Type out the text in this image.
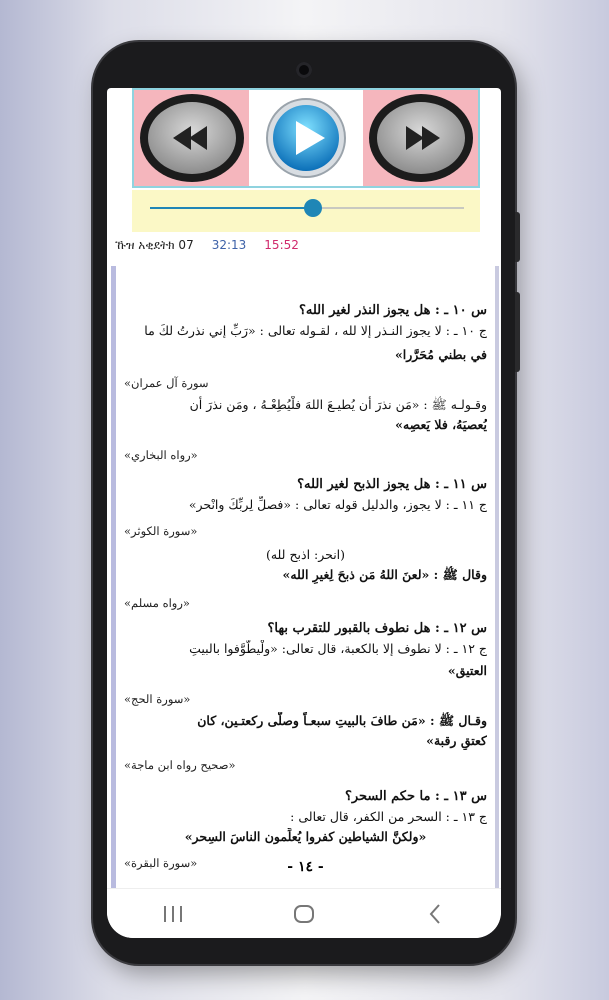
ኹዝ አቂደትክ 07 32:13 15:52
س ١٠ ـ : هل يجوز النذر لغير الله؟
ج ١٠ ـ : لا يجوز النـذر إلا لله ، لقـوله تعالى : «رَبِّ إني نذرتُ لكَ ما
في بطني مُحَرَّرا»
سورة آل عمران»
وقـولـه ﷺ : «مَن نذرَ أن يُطيـعَ اللهَ فلْيُطِعْـهُ ، ومَن نذرَ أن
يُعصيَهُ، فلا يَعصِه»
«رواه البخاري»
س ١١ ـ : هل يجوز الذبح لغير الله؟
ج ١١ ـ : لا يجوز، والدليل قوله تعالى : «فصلِّ لِربِّكَ وانْحر»
«سورة الكوثر»
(انحر: اذبح لله)
وقال ﷺ : «لعنَ اللهُ مَن ذبحَ لِغيرِ الله»
«رواه مسلم»
س ١٢ ـ : هل نطوف بالقبور للتقرب بها؟
ج ١٢ ـ : لا نطوف إلا بالكعبة، قال تعالى: «ولْيطَّوَّفوا بالبيتِ
العتيق»
«سورة الحج»
وقـال ﷺ : «مَن طافَ بالبيتِ سبعـاً وصلَّى ركعتـين، كان
كعتقِ رقبة»
«صحيح رواه ابن ماجة»
س ١٣ ـ : ما حكم السحر؟
ج ١٣ ـ : السحر من الكفر، قال تعالى :
«ولكنَّ الشياطين كفروا يُعلِّمون الناسَ السِحر»
«سورة البقرة»	- ١٤ -
